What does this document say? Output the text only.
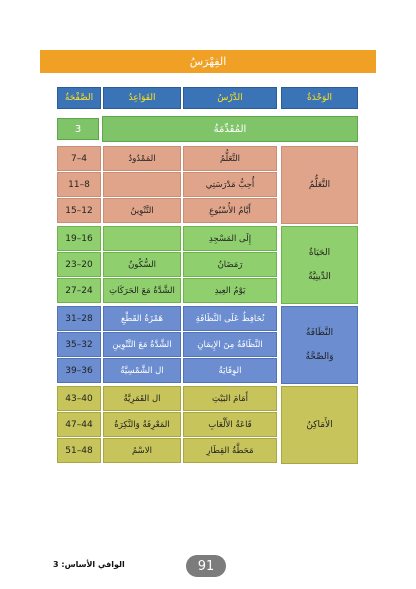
الفِهْرَسُ
الوَحْدَةُ
الدَّرْسُ
القَوَاعِدُ
الصَّفْحَةُ
3	المُقَدِّمَةُ
التَّعَلُّمُ
التَّعَلُّمُ
المَمْدُودُ
7–4
أُحِبُّ مَدْرَسَتِي
11–8
أَيَّامُ الأُسْبُوعِ
التَّنْوِينُ
15–12
الحَيَاةُ
الدِّينِيَّةُ
إِلَى المَسْجِدِ
19–16
رَمَضَانُ
السُّكُونُ
23–20
يَوْمُ العِيدِ
الشَّدَّةُ مَعَ الحَرَكَاتِ
27–24
النَّظَافَةُ
وَالصِّحَّةُ
نُحَافِظُ عَلَى النَّظَافَةِ
هَمْزَةُ القَطْعِ
31–28
النَّظَافَةُ مِنَ الإِيمَانِ
الشَّدَّةُ مَعَ التَّنْوِينِ
35–32
الوِقَايَةُ
ال الشَّمْسِيَّةُ
39–36
الأَمَاكِنُ
أَمَامَ البَيْتِ
ال القَمَرِيَّةُ
43–40
قَاعَةُ الأَلْعَابِ
المَعْرِفَةُ وَالنَّكِرَةُ
47–44
مَحَطَّةُ القِطَارِ
الاسْمُ
51–48
91
الوافي الأساس: 3
